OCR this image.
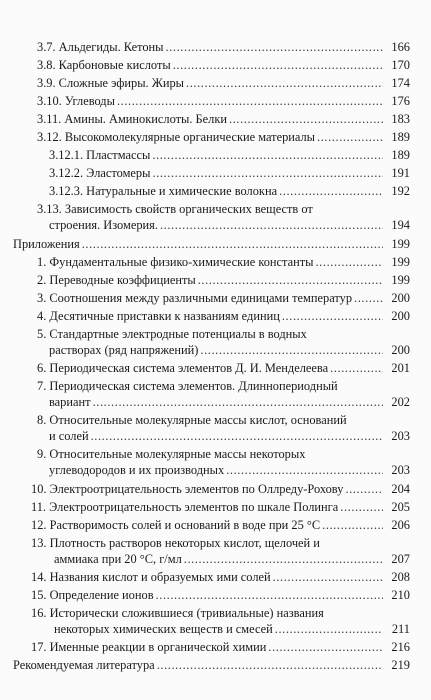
3.7. Альдегиды. Кетоны .....	166
3.8. Карбоновые кислоты .....	170
3.9. Сложные эфиры. Жиры .....	174
3.10. Углеводы .....	176
3.11. Амины. Аминокислоты. Белки .....	183
3.12. Высокомолекулярные органические материалы .....	189
3.12.1. Пластмассы .....	189
3.12.2. Эластомеры .....	191
3.12.3. Натуральные и химические волокна .....	192
3.13. Зависимость свойств органических веществ от
строения. Изомерия. .....	194
Приложения .....	199
1. Фундаментальные физико-химические константы .....	199
2. Переводные коэффициенты .....	199
3. Соотношения между различными единицами температур .....	200
4. Десятичные приставки к названиям единиц .....	200
5. Стандартные электродные потенциалы в водных
растворах (ряд напряжений) .....	200
6. Периодическая система элементов Д. И. Менделеева .....	201
7. Периодическая система элементов. Длиннопериодный
вариант .....	202
8. Относительные молекулярные массы кислот, оснований
и солей .....	203
9. Относительные молекулярные массы некоторых
углеводородов и их производных .....	203
10. Электроотрицательность элементов по Оллреду-Рохову .....	204
11. Электроотрицательность элементов по шкале Полинга .....	205
12. Растворимость солей и оснований в воде при 25 °С .....	206
13. Плотность растворов некоторых кислот, щелочей и
аммиака при 20 °С, г/мл .....	207
14. Названия кислот и образуемых ими солей .....	208
15. Определение ионов .....	210
16. Исторически сложившиеся (тривиальные) названия
некоторых химических веществ и смесей .....	211
17. Именные реакции в органической химии .....	216
Рекомендуемая литература .....	219
